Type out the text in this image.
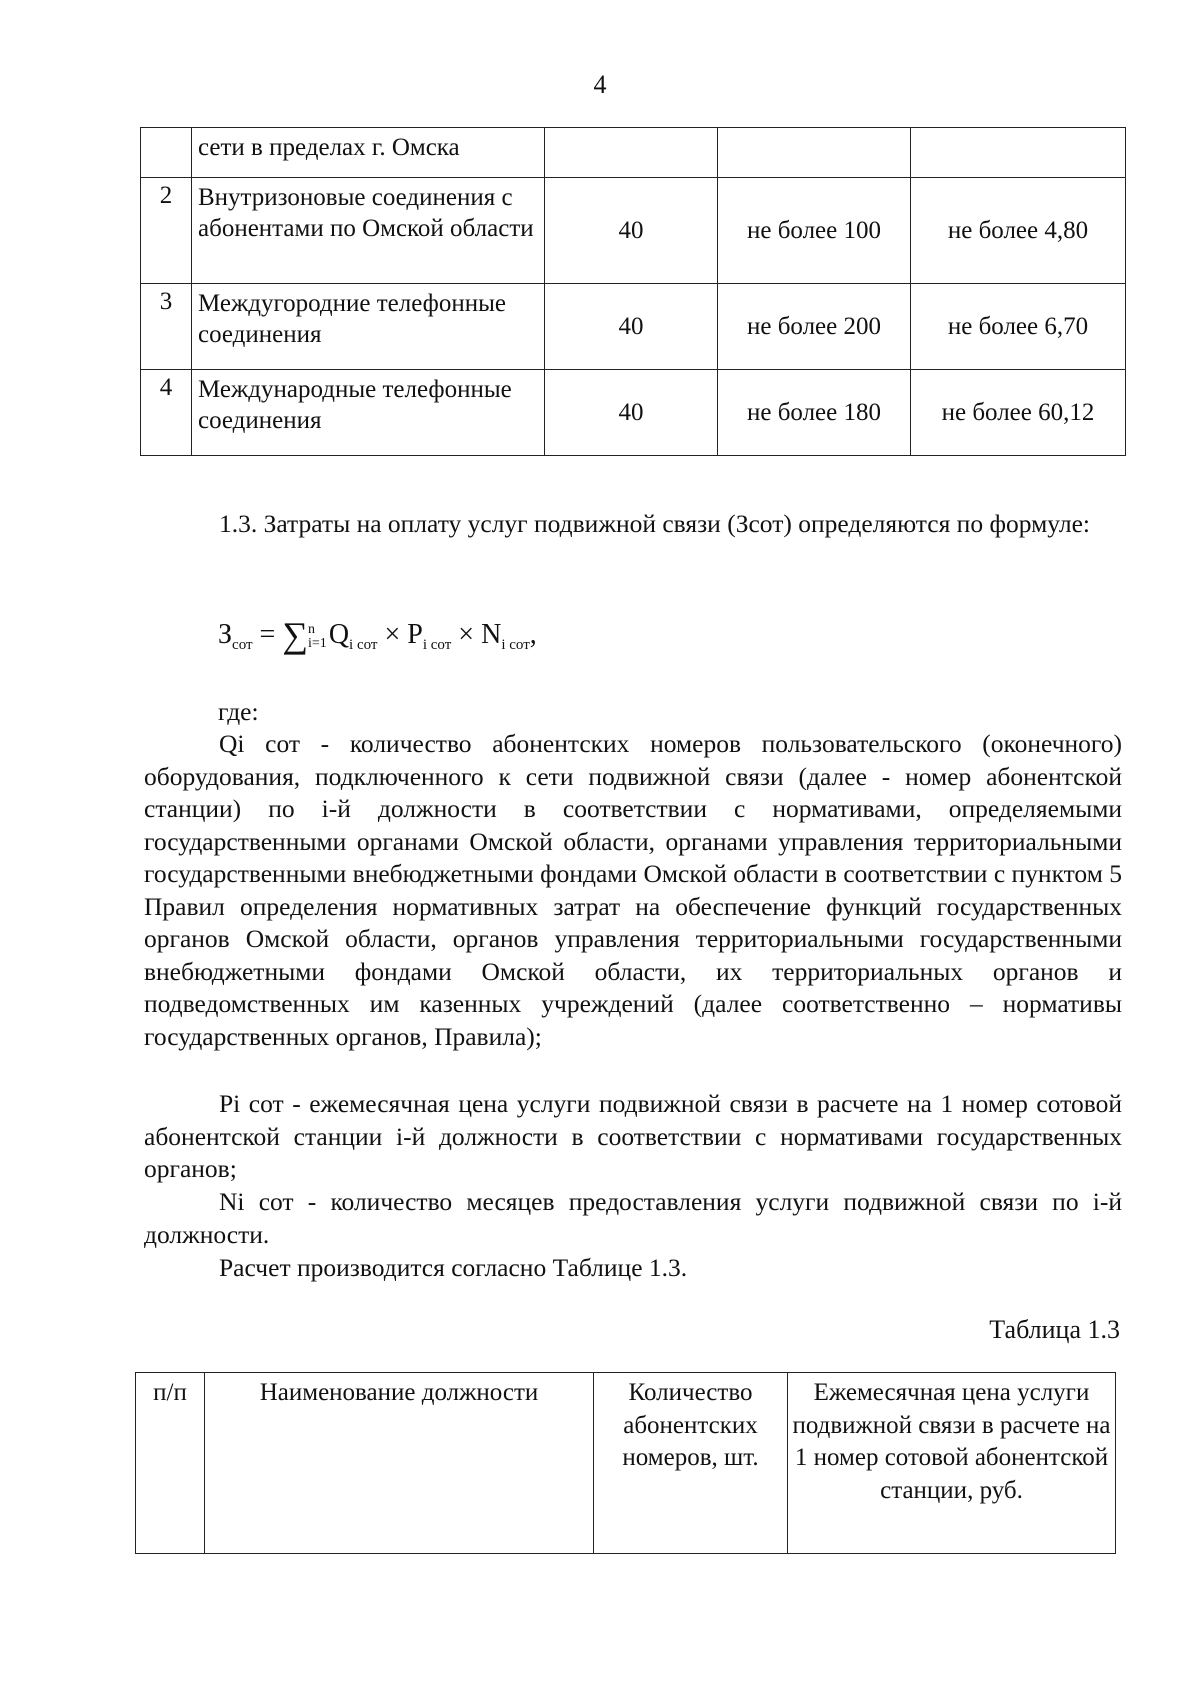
4
	сети в пределах г. Омска			
2	Внутризоновые соединения с абонентами по Омской области	40	не более 100	не более 4,80
3	Междугородние телефонные соединения	40	не более 200	не более 6,70
4	Международные телефонные соединения	40	не более 180	не более 60,12

1.3. Затраты на оплату услуг подвижной связи (Зсот) определяются по формуле:

$З_{сот} = \sum n$
$i=1Q_{i сот} \times P_{i сот} \times N_{i сот}$,

где:

Qi сот - количество абонентских номеров пользовательского (оконечного) оборудования, подключенного к сети подвижной связи (далее - номер абонентской станции) по i-й должности в соответствии с нормативами, определяемыми государственными органами Омской области, органами управления территориальными государственными внебюджетными фондами Омской области в соответствии с пунктом 5 Правил определения нормативных затрат на обеспечение функций государственных органов Омской области, органов управления территориальными государственными внебюджетными фондами Омской области, их территориальных органов и подведомственных им казенных учреждений (далее соответственно – нормативы государственных органов, Правила);

Pi сот - ежемесячная цена услуги подвижной связи в расчете на 1 номер сотовой абонентской станции i-й должности в соответствии с нормативами государственных органов;

Ni сот - количество месяцев предоставления услуги подвижной связи по i-й должности.

Расчет производится согласно Таблице 1.3.

Таблица 1.3
п/п	Наименование должности	Количество абонентских номеров, шт.	Ежемесячная цена услуги подвижной связи в расчете на 1 номер сотовой абонентской станции, руб.
